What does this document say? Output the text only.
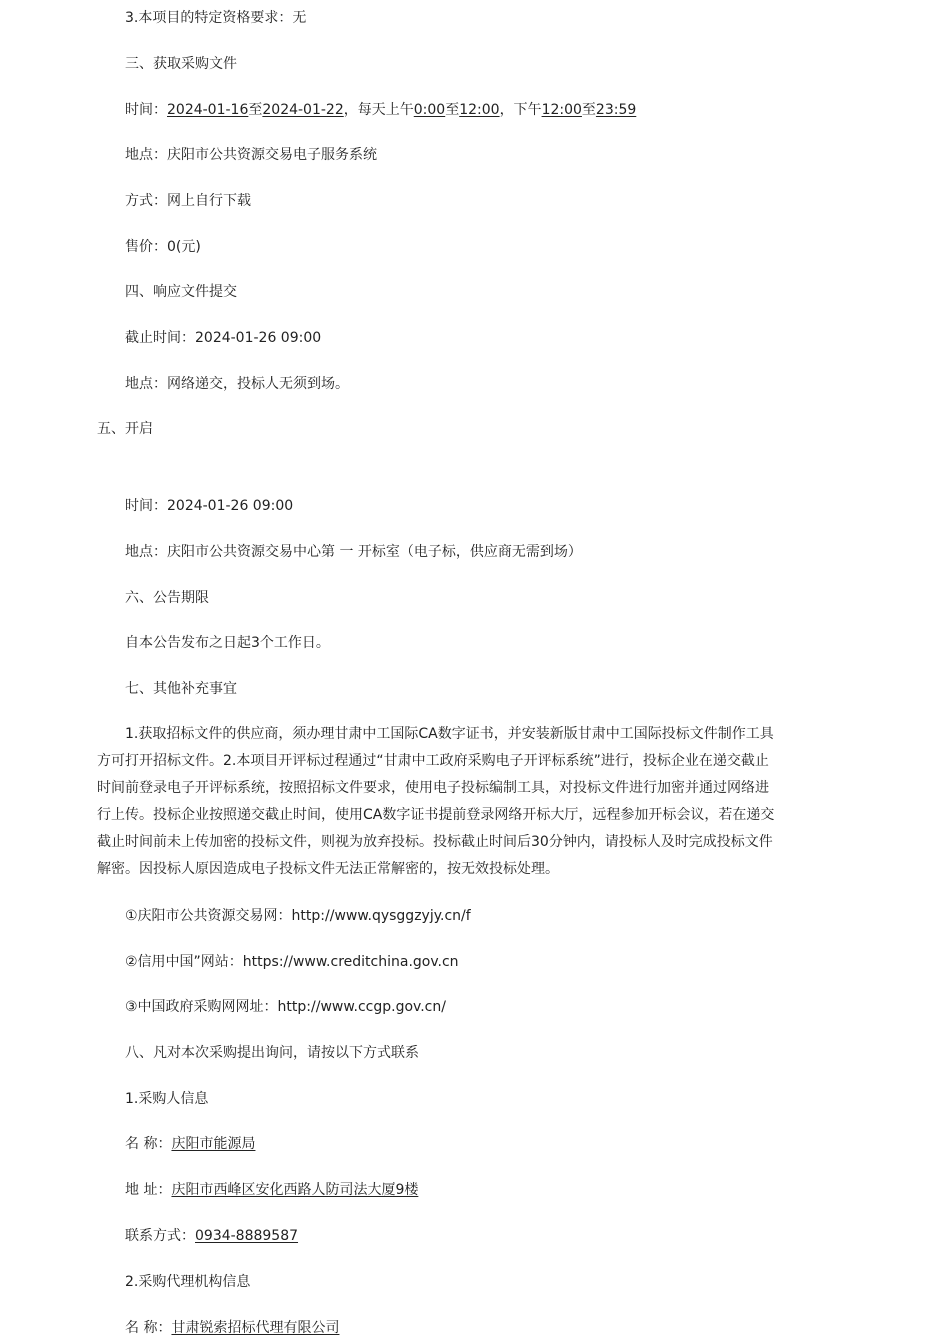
3.本项目的特定资格要求：无
三、获取采购文件
时间：2024-01-16至2024-01-22，每天上午0:00至12:00，下午12:00至23:59
地点：庆阳市公共资源交易电子服务系统
方式：网上自行下载
售价：0(元)
四、响应文件提交
截止时间：2024-01-26 09:00
地点：网络递交，投标人无须到场。
五、开启
时间：2024-01-26 09:00
地点：庆阳市公共资源交易中心第 一 开标室（电子标，供应商无需到场）
六、公告期限
自本公告发布之日起3个工作日。
七、其他补充事宜
1.获取招标文件的供应商，须办理甘肃中工国际CA数字证书，并安装新版甘肃中工国际投标文件制作工具方可打开招标文件。2.本项目开评标过程通过“甘肃中工政府采购电子开评标系统”进行，投标企业在递交截止时间前登录电子开评标系统，按照招标文件要求，使用电子投标编制工具，对投标文件进行加密并通过网络进行上传。投标企业按照递交截止时间，使用CA数字证书提前登录网络开标大厅，远程参加开标会议，若在递交截止时间前未上传加密的投标文件，则视为放弃投标。投标截止时间后30分钟内，请投标人及时完成投标文件解密。因投标人原因造成电子投标文件无法正常解密的，按无效投标处理。
①庆阳市公共资源交易网：http://www.qysggzyjy.cn/f
②信用中国”网站：https://www.creditchina.gov.cn
③中国政府采购网网址：http://www.ccgp.gov.cn/
八、凡对本次采购提出询问，请按以下方式联系
1.采购人信息
名 称：庆阳市能源局
地 址：庆阳市西峰区安化西路人防司法大厦9楼
联系方式：0934-8889587
2.采购代理机构信息
名 称：甘肃锐索招标代理有限公司
